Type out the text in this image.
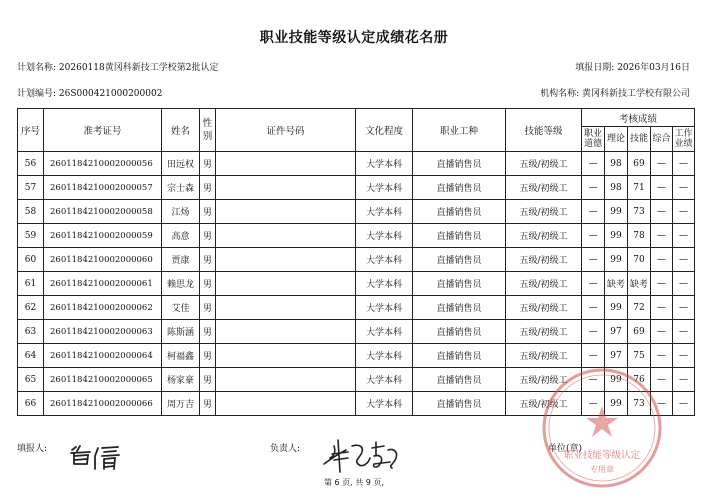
职业技能等级认定成绩花名册
计划名称: 20260118黄冈科新技工学校第2批认定	填报日期: 2026年03月16日
计划编号: 26S000421000200002	机构名称: 黄冈科新技工学校有限公司
序号	准考证号	姓名	性别	证件号码	文化程度	职业工种	技能等级	考核成绩				
								职业道德	理论	技能	综合	工作业绩
56	2601184210002000056	田远权	男		大学本科	直播销售员	五级/初级工	—	98	69	—	—
57	2601184210002000057	宗士森	男		大学本科	直播销售员	五级/初级工	—	98	71	—	—
58	2601184210002000058	江炀	男		大学本科	直播销售员	五级/初级工	—	99	73	—	—
59	2601184210002000059	高意	男		大学本科	直播销售员	五级/初级工	—	99	78	—	—
60	2601184210002000060	贾康	男		大学本科	直播销售员	五级/初级工	—	99	70	—	—
61	2601184210002000061	赖思龙	男		大学本科	直播销售员	五级/初级工	—	缺考	缺考	—	—
62	2601184210002000062	艾佳	男		大学本科	直播销售员	五级/初级工	—	99	72	—	—
63	2601184210002000063	陈斯涵	男		大学本科	直播销售员	五级/初级工	—	97	69	—	—
64	2601184210002000064	柯福鑫	男		大学本科	直播销售员	五级/初级工	—	97	75	—	—
65	2601184210002000065	杨家豪	男		大学本科	直播销售员	五级/初级工	—	99	76	—	—
66	2601184210002000066	周万吉	男		大学本科	直播销售员	五级/初级工	—	99	73	—	—
填报人:	负责人:	单位(章)
职业技能等级认定
专用章
第 6 页, 共 9 页,
